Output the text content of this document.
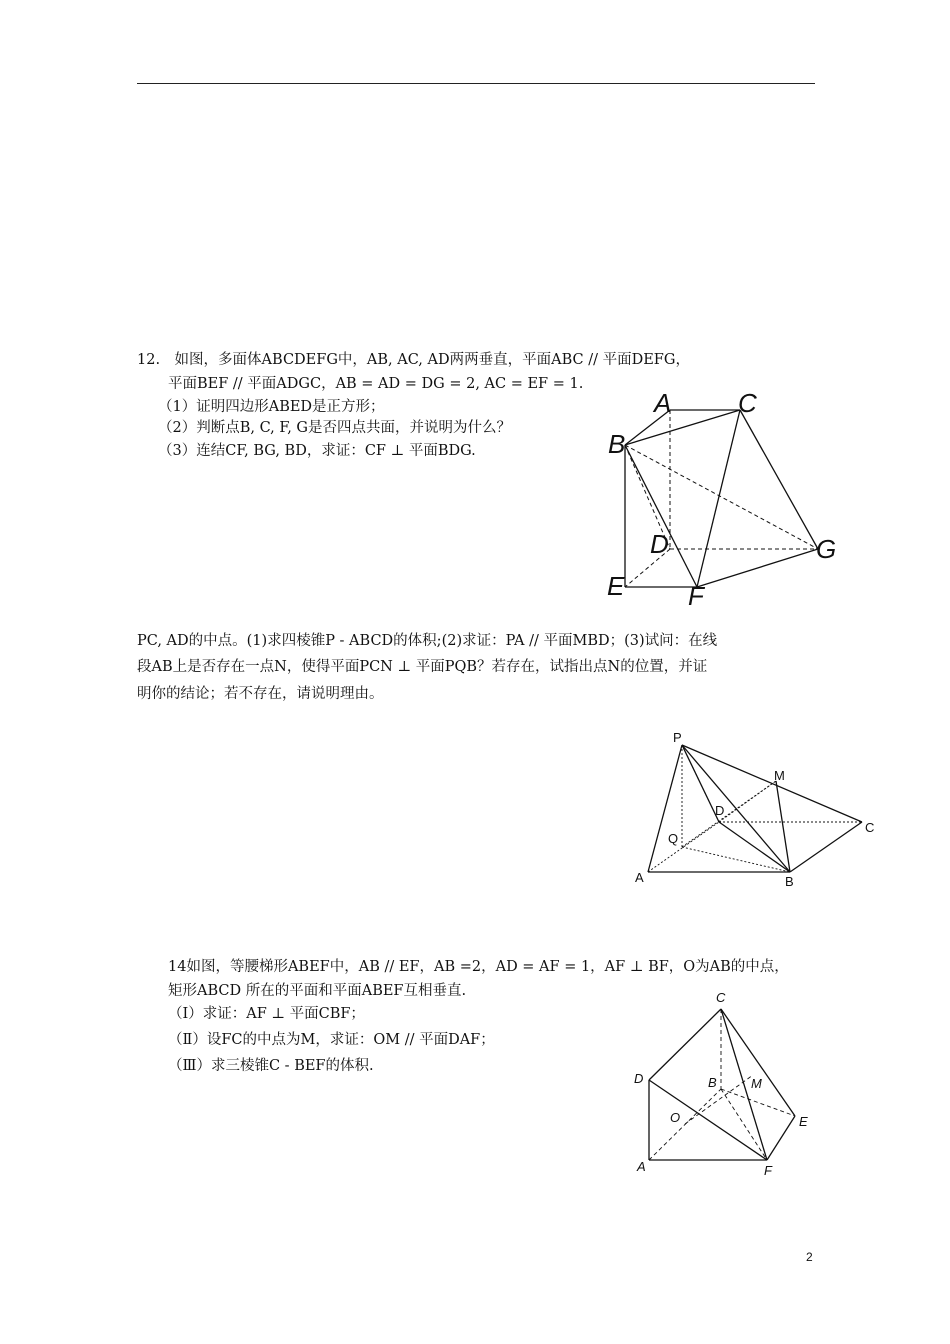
12.　如图，多面体ABCDEFG中，AB, AC, AD两两垂直，平面ABC // 平面DEFG，
平面BEF // 平面ADGC，AB = AD = DG = 2, AC = EF = 1.
（1）证明四边形ABED是正方形；
（2）判断点B, C, F, G是否四点共面，并说明为什么？
（3）连结CF, BG, BD，求证：CF ⊥ 平面BDG.
A	C
B
D	G
E F
PC, AD的中点。(1)求四棱锥P - ABCD的体积;(2)求证：PA // 平面MBD；(3)试问：在线
段AB上是否存在一点N，使得平面PCN ⊥ 平面PQB？若存在，试指出点N的位置，并证
明你的结论；若不存在，请说明理由。
P
M
D
C
Q
A	B
14如图，等腰梯形ABEF中，AB // EF，AB =2，AD = AF = 1，AF ⊥ BF，O为AB的中点，
矩形ABCD 所在的平面和平面ABEF互相垂直.
（Ⅰ）求证：AF ⊥ 平面CBF；
（Ⅱ）设FC的中点为M，求证：OM // 平面DAF；
（Ⅲ）求三棱锥C - BEF的体积.
C
D	B	M
O	E
A	F
2
